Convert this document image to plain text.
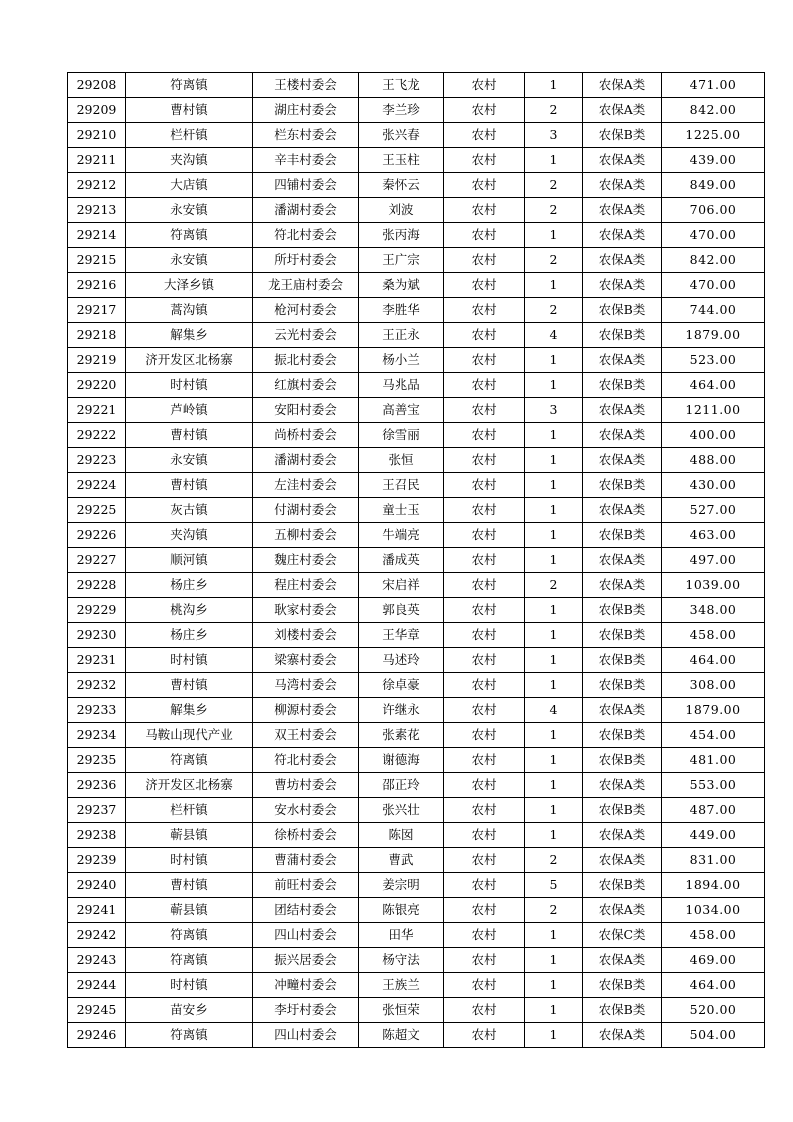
29208	符离镇	王楼村委会	王飞龙	农村	1	农保A类	471.00
29209	曹村镇	湖庄村委会	李兰珍	农村	2	农保A类	842.00
29210	栏杆镇	栏东村委会	张兴春	农村	3	农保B类	1225.00
29211	夹沟镇	辛丰村委会	王玉柱	农村	1	农保A类	439.00
29212	大店镇	四铺村委会	秦怀云	农村	2	农保A类	849.00
29213	永安镇	潘湖村委会	刘波	农村	2	农保A类	706.00
29214	符离镇	符北村委会	张丙海	农村	1	农保A类	470.00
29215	永安镇	所圩村委会	王广宗	农村	2	农保A类	842.00
29216	大泽乡镇	龙王庙村委会	桑为斌	农村	1	农保A类	470.00
29217	蒿沟镇	枪河村委会	李胜华	农村	2	农保B类	744.00
29218	解集乡	云光村委会	王正永	农村	4	农保B类	1879.00
29219	济开发区北杨寨	振北村委会	杨小兰	农村	1	农保A类	523.00
29220	时村镇	红旗村委会	马兆品	农村	1	农保B类	464.00
29221	芦岭镇	安阳村委会	高善宝	农村	3	农保A类	1211.00
29222	曹村镇	尚桥村委会	徐雪丽	农村	1	农保A类	400.00
29223	永安镇	潘湖村委会	张恒	农村	1	农保A类	488.00
29224	曹村镇	左洼村委会	王召民	农村	1	农保B类	430.00
29225	灰古镇	付湖村委会	童士玉	农村	1	农保A类	527.00
29226	夹沟镇	五柳村委会	牛端亮	农村	1	农保B类	463.00
29227	顺河镇	魏庄村委会	潘成英	农村	1	农保A类	497.00
29228	杨庄乡	程庄村委会	宋启祥	农村	2	农保A类	1039.00
29229	桃沟乡	耿家村委会	郭良英	农村	1	农保B类	348.00
29230	杨庄乡	刘楼村委会	王华章	农村	1	农保B类	458.00
29231	时村镇	梁寨村委会	马述玲	农村	1	农保B类	464.00
29232	曹村镇	马湾村委会	徐卓豪	农村	1	农保B类	308.00
29233	解集乡	柳源村委会	许继永	农村	4	农保A类	1879.00
29234	马鞍山现代产业	双王村委会	张素花	农村	1	农保B类	454.00
29235	符离镇	符北村委会	谢德海	农村	1	农保B类	481.00
29236	济开发区北杨寨	曹坊村委会	邵正玲	农村	1	农保A类	553.00
29237	栏杆镇	安水村委会	张兴壮	农村	1	农保B类	487.00
29238	蕲县镇	徐桥村委会	陈囡	农村	1	农保A类	449.00
29239	时村镇	曹蒲村委会	曹武	农村	2	农保A类	831.00
29240	曹村镇	前旺村委会	姜宗明	农村	5	农保B类	1894.00
29241	蕲县镇	团结村委会	陈银亮	农村	2	农保A类	1034.00
29242	符离镇	四山村委会	田华	农村	1	农保C类	458.00
29243	符离镇	振兴居委会	杨守法	农村	1	农保A类	469.00
29244	时村镇	冲疃村委会	王族兰	农村	1	农保B类	464.00
29245	苗安乡	李圩村委会	张恒荣	农村	1	农保B类	520.00
29246	符离镇	四山村委会	陈超文	农村	1	农保A类	504.00
